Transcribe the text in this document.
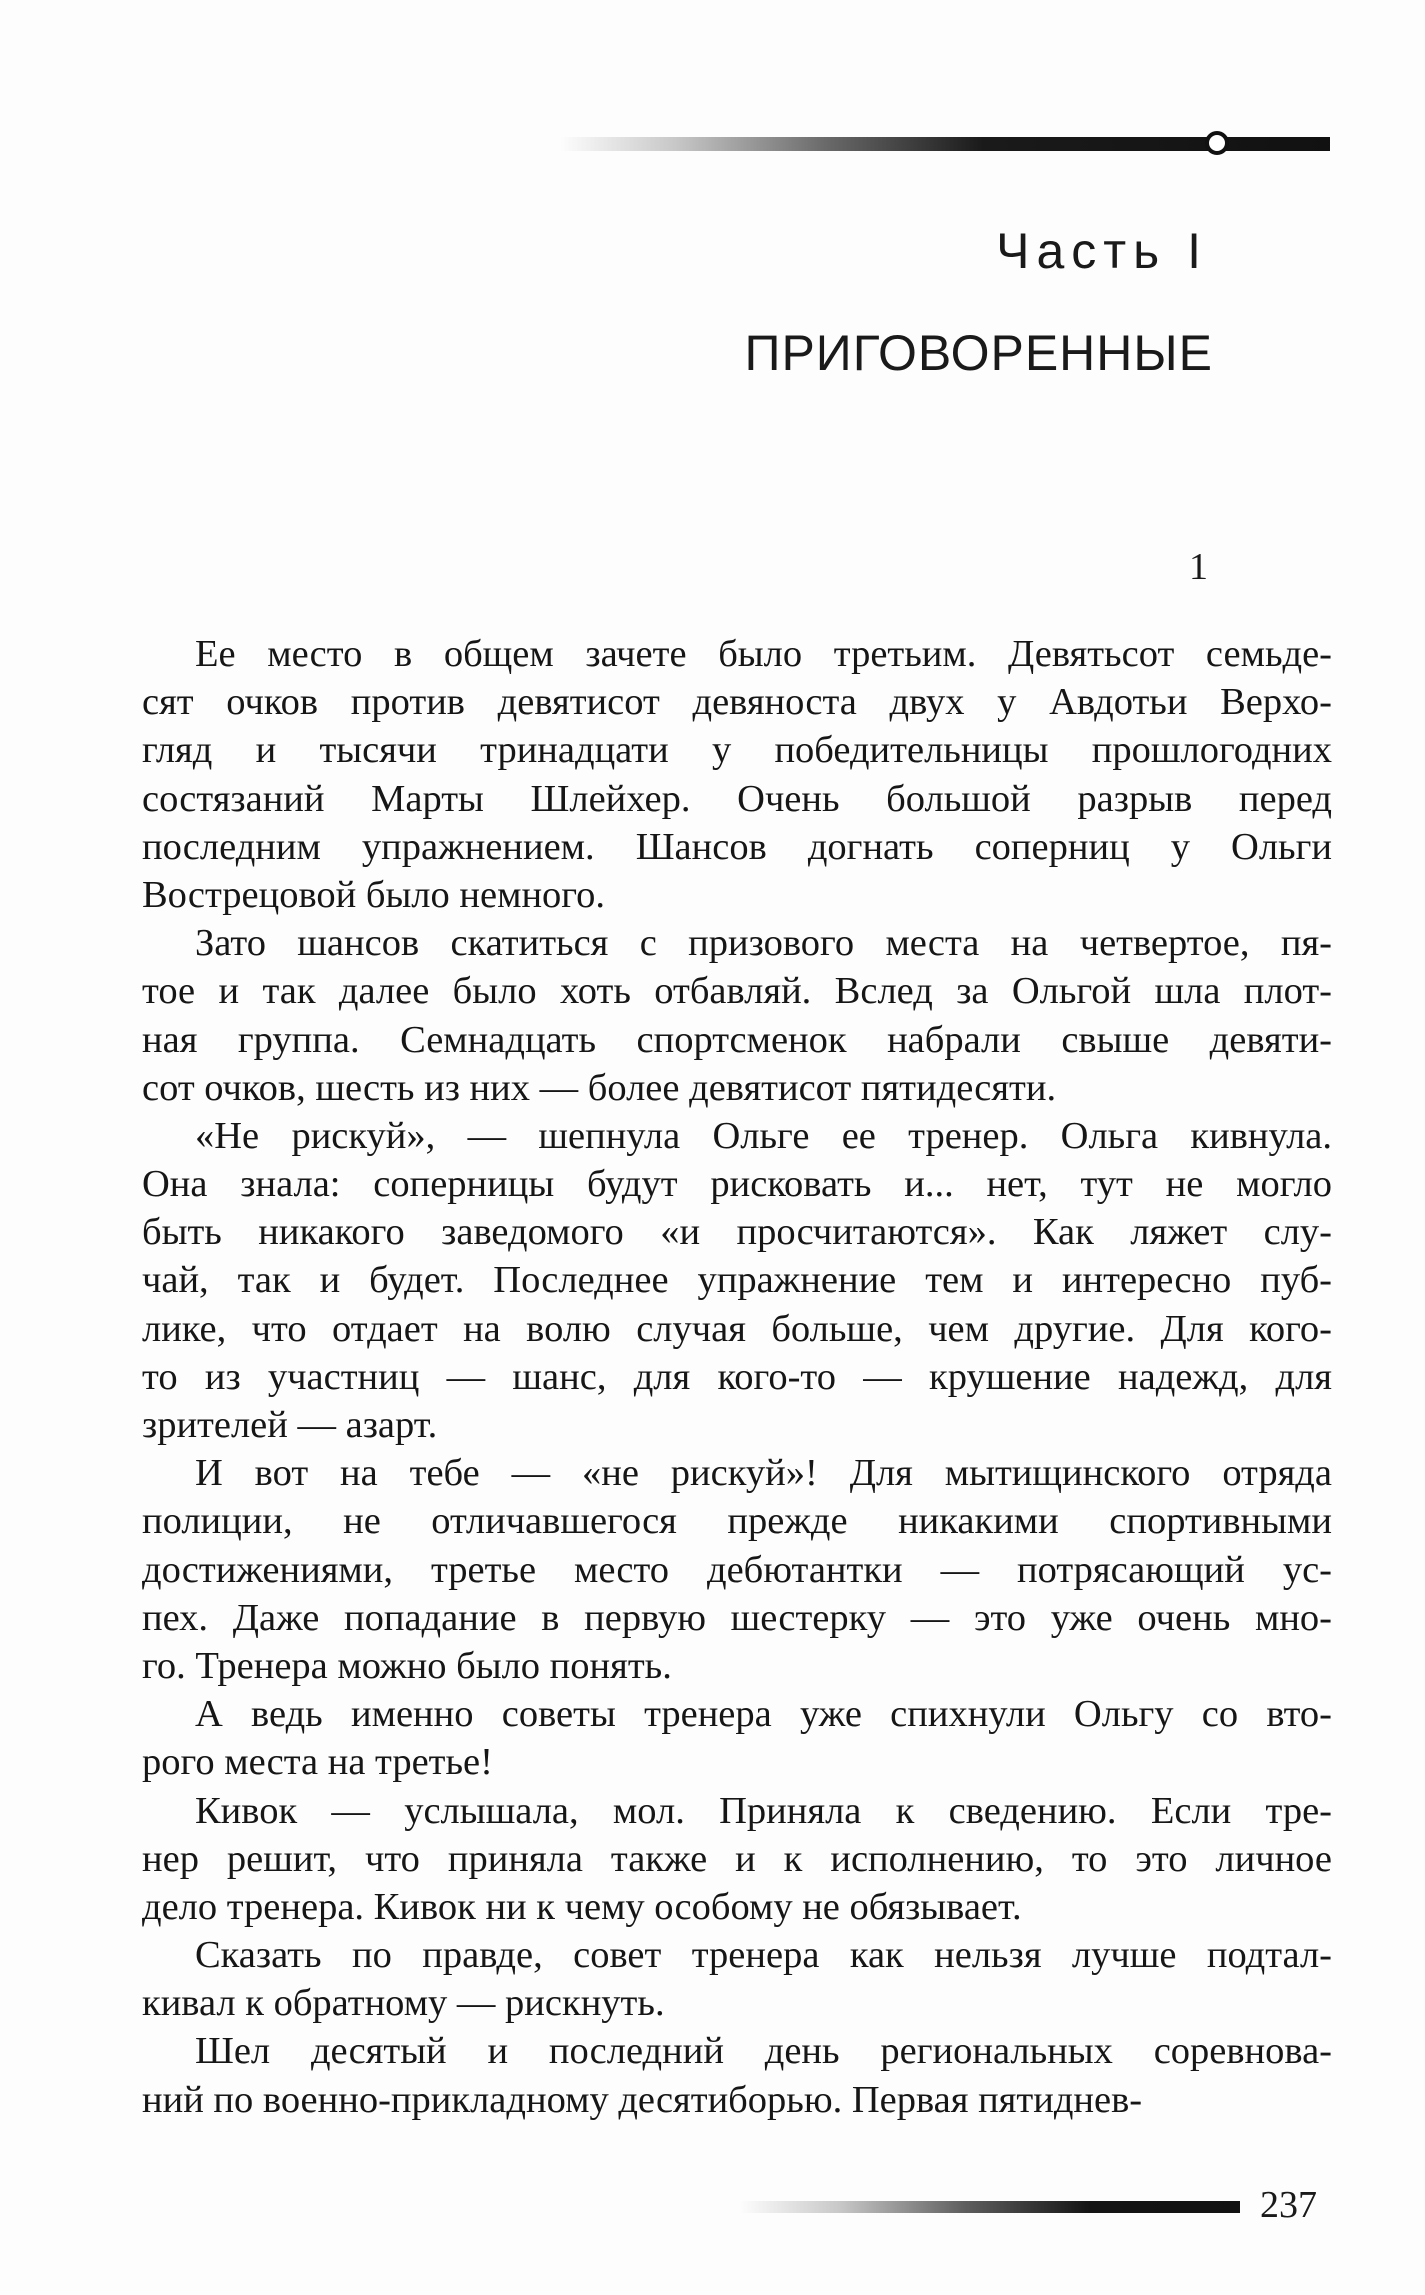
Часть I
ПРИГОВОРЕННЫЕ
1
Ее место в общем зачете было третьим. Девятьсот семьде-
сят очков против девятисот девяноста двух у Авдотьи Верхо-
гляд и тысячи тринадцати у победительницы прошлогодних
состязаний Марты Шлейхер. Очень большой разрыв перед
последним упражнением. Шансов догнать соперниц у Ольги
Вострецовой было немного.
Зато шансов скатиться с призового места на четвертое, пя-
тое и так далее было хоть отбавляй. Вслед за Ольгой шла плот-
ная группа. Семнадцать спортсменок набрали свыше девяти-
сот очков, шесть из них — более девятисот пятидесяти.
«Не рискуй», — шепнула Ольге ее тренер. Ольга кивнула.
Она знала: соперницы будут рисковать и... нет, тут не могло
быть никакого заведомого «и просчитаются». Как ляжет слу-
чай, так и будет. Последнее упражнение тем и интересно пуб-
лике, что отдает на волю случая больше, чем другие. Для кого-
то из участниц — шанс, для кого-то — крушение надежд, для
зрителей — азарт.
И вот на тебе — «не рискуй»! Для мытищинского отряда
полиции, не отличавшегося прежде никакими спортивными
достижениями, третье место дебютантки — потрясающий ус-
пех. Даже попадание в первую шестерку — это уже очень мно-
го. Тренера можно было понять.
А ведь именно советы тренера уже спихнули Ольгу со вто-
рого места на третье!
Кивок — услышала, мол. Приняла к сведению. Если тре-
нер решит, что приняла также и к исполнению, то это личное
дело тренера. Кивок ни к чему особому не обязывает.
Сказать по правде, совет тренера как нельзя лучше подтал-
кивал к обратному — рискнуть.
Шел десятый и последний день региональных соревнова-
ний по военно-прикладному десятиборью. Первая пятиднев-
237
